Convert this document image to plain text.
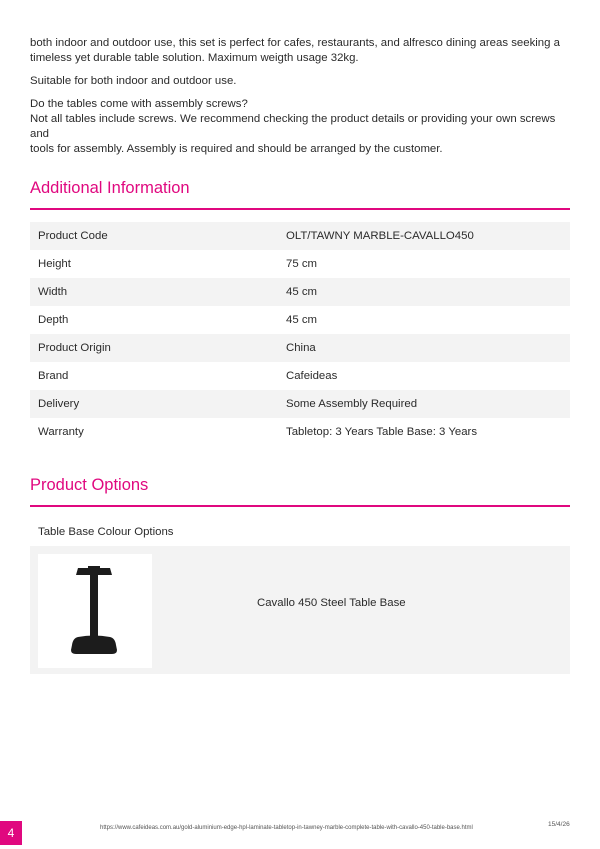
both indoor and outdoor use, this set is perfect for cafes, restaurants, and alfresco dining areas seeking a
timeless yet durable table solution. Maximum weigth usage 32kg.

Suitable for both indoor and outdoor use.

Do the tables come with assembly screws?
Not all tables include screws. We recommend checking the product details or providing your own screws and
tools for assembly. Assembly is required and should be arranged by the customer.

Additional Information
Product Code	OLT/TAWNY MARBLE-CAVALLO450
Height	75 cm
Width	45 cm
Depth	45 cm
Product Origin	China
Brand	Cafeideas
Delivery	Some Assembly Required
Warranty	Tabletop: 3 Years Table Base: 3 Years
Product Options
Table Base Colour Options
Cavallo 450 Steel Table Base
4	https://www.cafeideas.com.au/gold-aluminium-edge-hpl-laminate-tabletop-in-tawney-marble-complete-table-with-cavallo-450-table-base.html	15/4/26
